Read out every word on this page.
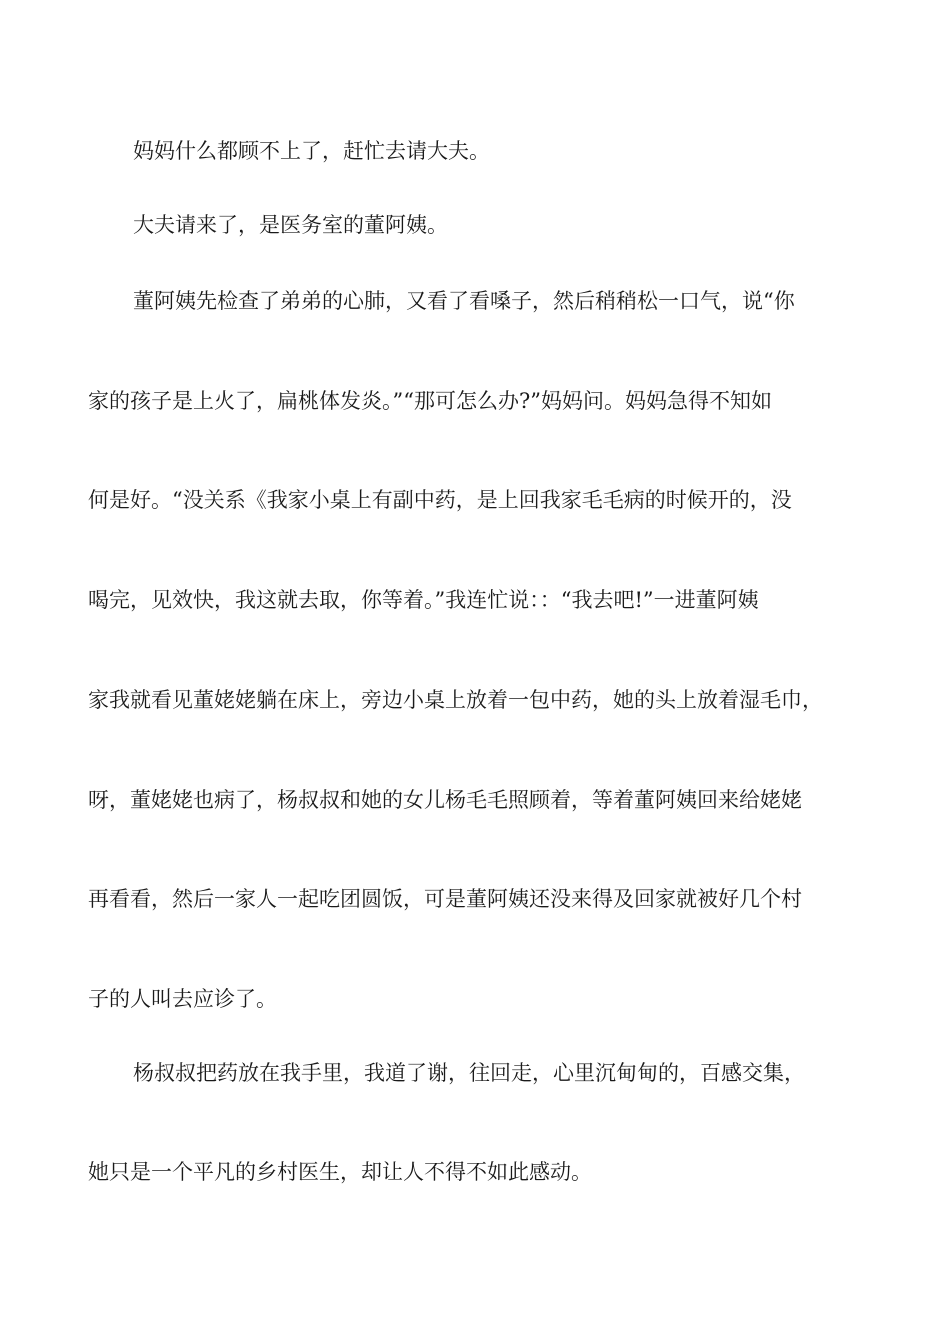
妈妈什么都顾不上了，赶忙去请大夫。
大夫请来了，是医务室的董阿姨。
董阿姨先检查了弟弟的心肺，又看了看嗓子，然后稍稍松一口气，说“你
家的孩子是上火了，扁桃体发炎。”“那可怎么办?”妈妈问。妈妈急得不知如
何是好。“没关系《我家小桌上有副中药，是上回我家毛毛病的时候开的，没
喝完，见效快，我这就去取，你等着。”我连忙说：：“我去吧!”一进董阿姨
家我就看见董姥姥躺在床上，旁边小桌上放着一包中药，她的头上放着湿毛巾，
呀，董姥姥也病了，杨叔叔和她的女儿杨毛毛照顾着，等着董阿姨回来给姥姥
再看看，然后一家人一起吃团圆饭，可是董阿姨还没来得及回家就被好几个村
子的人叫去应诊了。
杨叔叔把药放在我手里，我道了谢，往回走，心里沉甸甸的，百感交集，
她只是一个平凡的乡村医生，却让人不得不如此感动。
